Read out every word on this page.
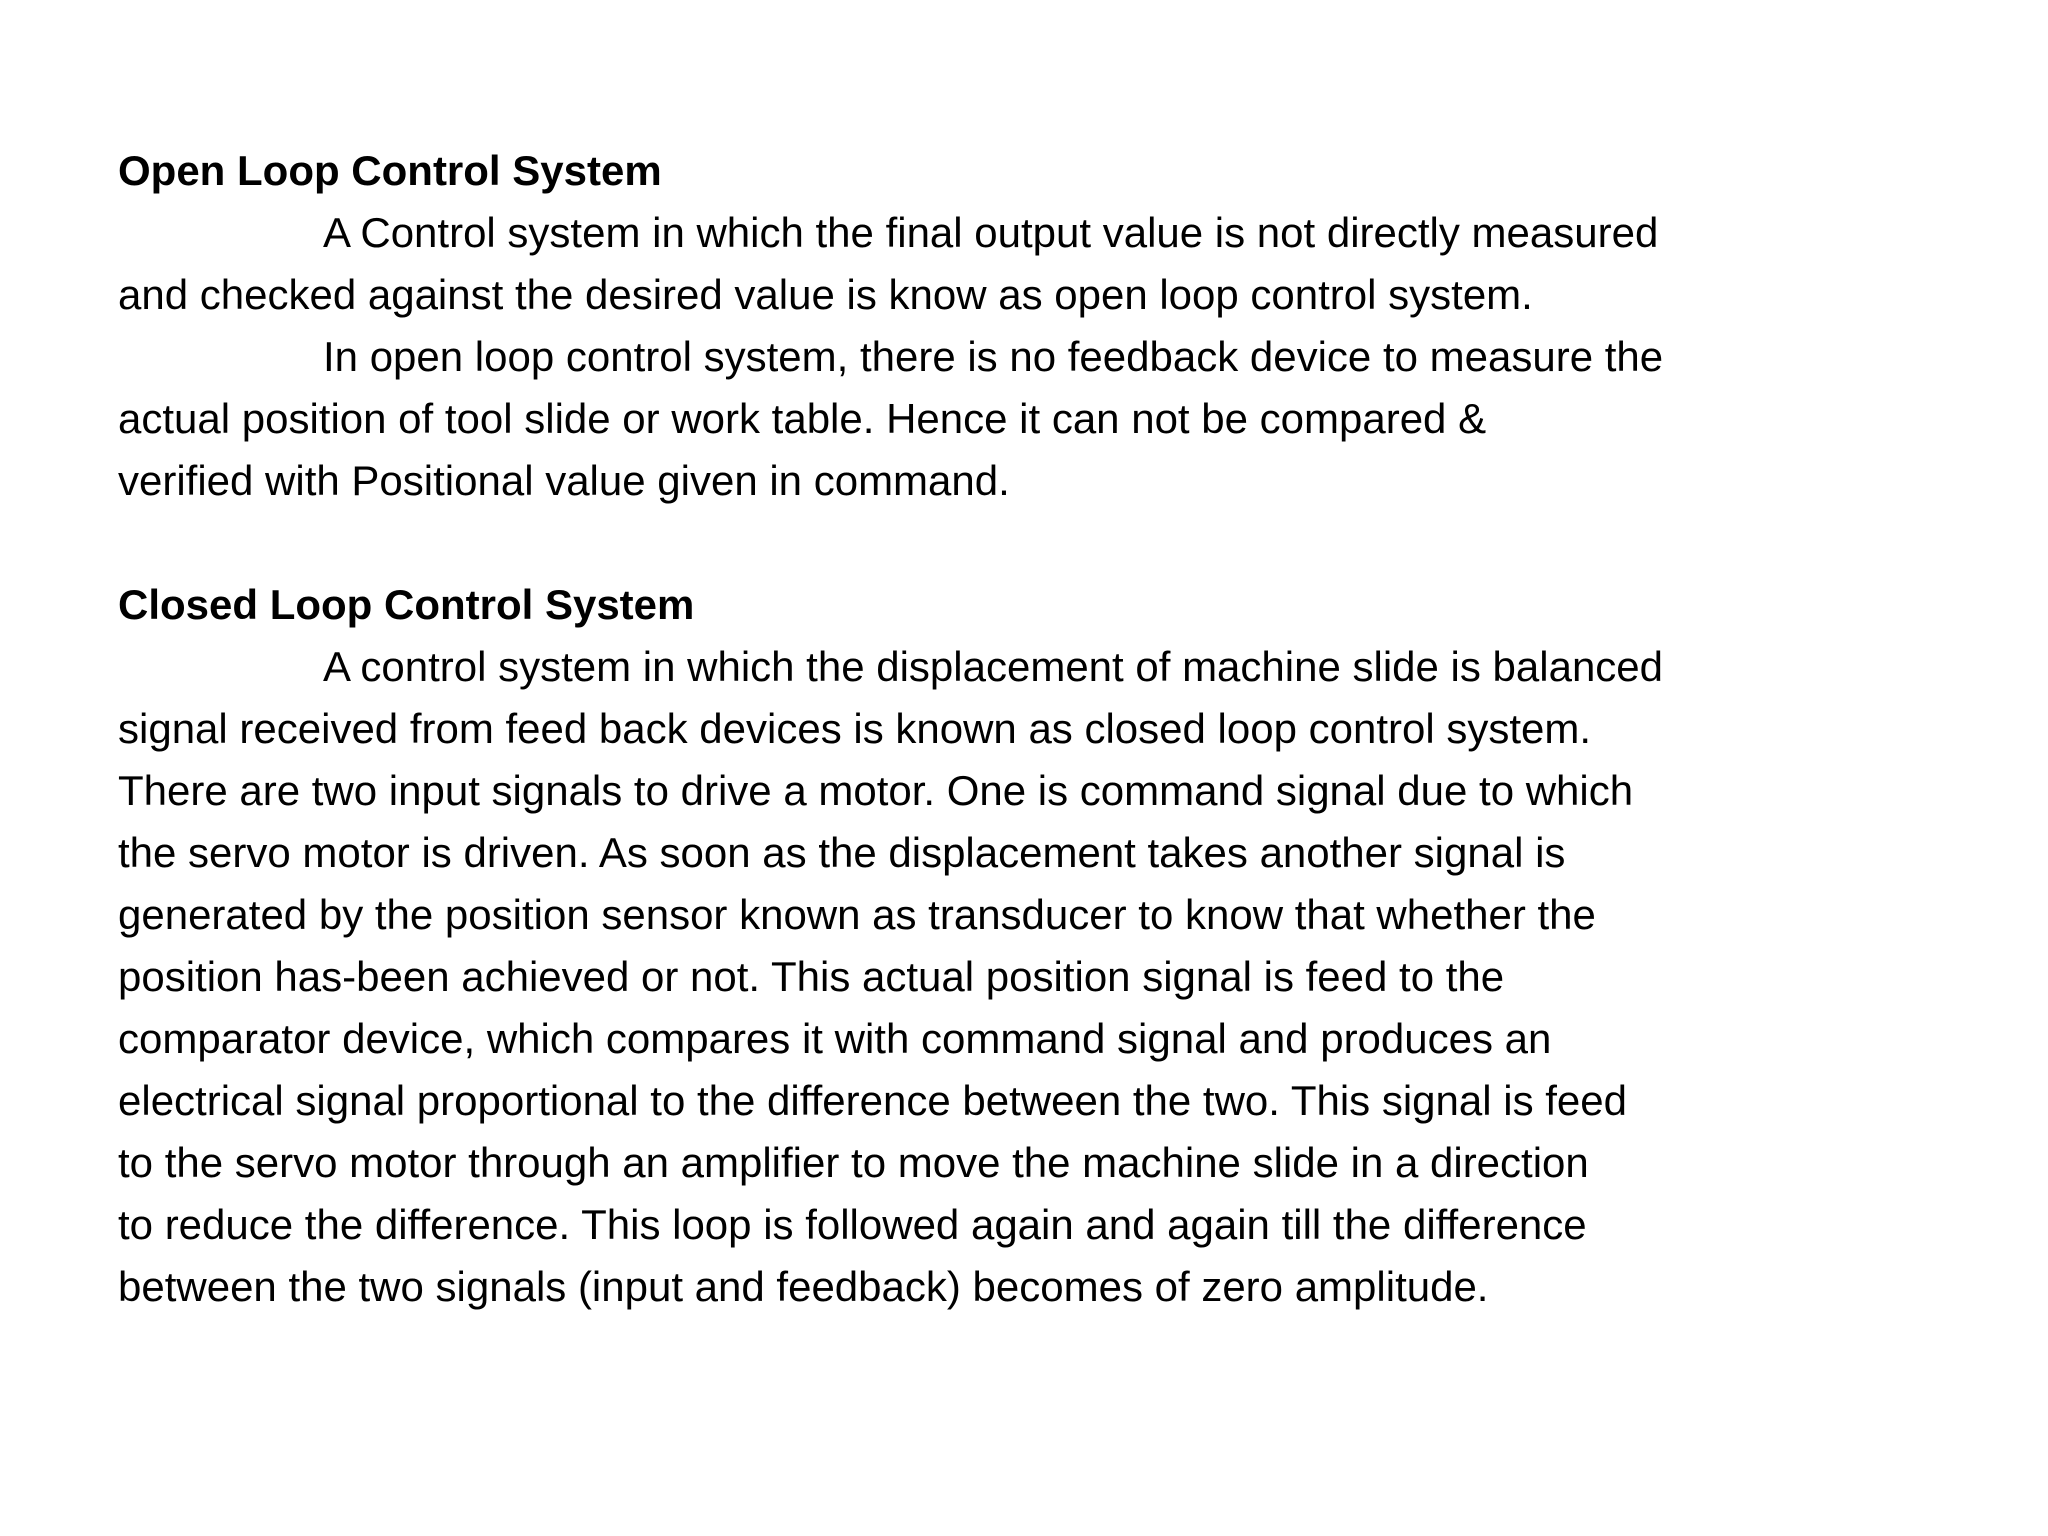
Open Loop Control System
A Control system in which the final output value is not directly measured
and checked against the desired value is know as open loop control system.
In open loop control system, there is no feedback device to measure the
actual position of tool slide or work table. Hence it can not be compared &
verified with Positional value given in command.
Closed Loop Control System
A control system in which the displacement of machine slide is balanced
signal received from feed back devices is known as closed loop control system.
There are two input signals to drive a motor. One is command signal due to which
the servo motor is driven. As soon as the displacement takes another signal is
generated by the position sensor known as transducer to know that whether the
position has-been achieved or not. This actual position signal is feed to the
comparator device, which compares it with command signal and produces an
electrical signal proportional to the difference between the two. This signal is feed
to the servo motor through an amplifier to move the machine slide in a direction
to reduce the difference. This loop is followed again and again till the difference
between the two signals (input and feedback) becomes of zero amplitude.
